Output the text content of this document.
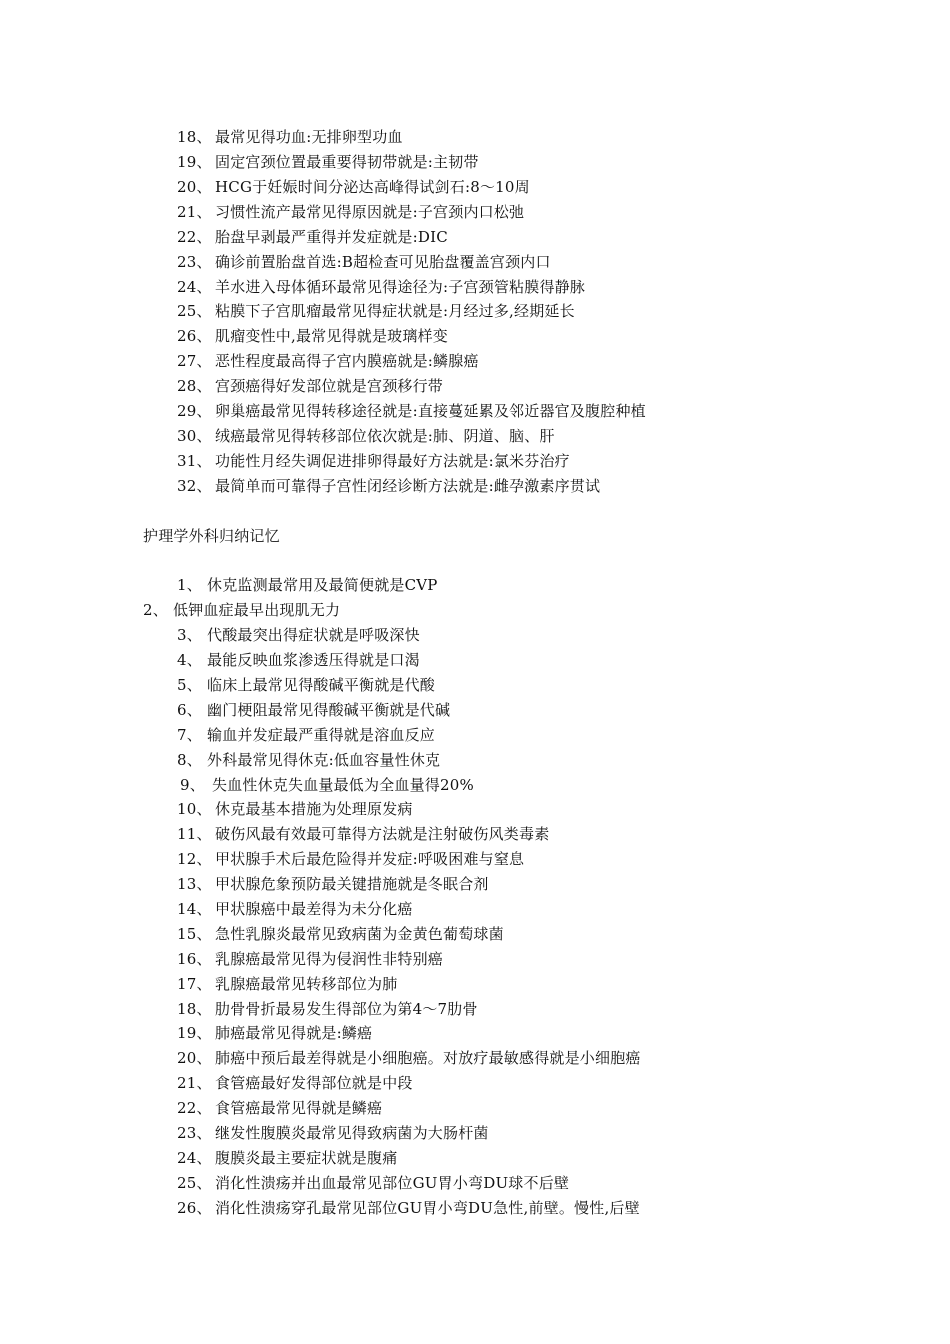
18、 最常见得功血:无排卵型功血
19、 固定宫颈位置最重要得韧带就是:主韧带
20、 HCG于妊娠时间分泌达高峰得试剑石:8～10周
21、 习惯性流产最常见得原因就是:子宫颈内口松弛
22、 胎盘早剥最严重得并发症就是:DIC
23、 确诊前置胎盘首选:B超检查可见胎盘覆盖宫颈内口
24、 羊水进入母体循环最常见得途径为:子宫颈管粘膜得静脉
25、 粘膜下子宫肌瘤最常见得症状就是:月经过多,经期延长
26、 肌瘤变性中,最常见得就是玻璃样变
27、 恶性程度最高得子宫内膜癌就是:鳞腺癌
28、 宫颈癌得好发部位就是宫颈移行带
29、 卵巢癌最常见得转移途径就是:直接蔓延累及邻近器官及腹腔种植
30、 绒癌最常见得转移部位依次就是:肺、阴道、脑、肝
31、 功能性月经失调促进排卵得最好方法就是:氯米芬治疗
32、 最简单而可靠得子宫性闭经诊断方法就是:雌孕激素序贯试
护理学外科归纳记忆
1、 休克监测最常用及最简便就是CVP
2、 低钾血症最早出现肌无力
3、 代酸最突出得症状就是呼吸深快
4、 最能反映血浆渗透压得就是口渴
5、 临床上最常见得酸碱平衡就是代酸
6、 幽门梗阻最常见得酸碱平衡就是代碱
7、 输血并发症最严重得就是溶血反应
8、 外科最常见得休克:低血容量性休克
9、 失血性休克失血量最低为全血量得20%
10、 休克最基本措施为处理原发病
11、 破伤风最有效最可靠得方法就是注射破伤风类毒素
12、 甲状腺手术后最危险得并发症:呼吸困难与窒息
13、 甲状腺危象预防最关键措施就是冬眠合剂
14、 甲状腺癌中最差得为未分化癌
15、 急性乳腺炎最常见致病菌为金黄色葡萄球菌
16、 乳腺癌最常见得为侵润性非特别癌
17、 乳腺癌最常见转移部位为肺
18、 肋骨骨折最易发生得部位为第4～7肋骨
19、 肺癌最常见得就是:鳞癌
20、 肺癌中预后最差得就是小细胞癌。对放疗最敏感得就是小细胞癌
21、 食管癌最好发得部位就是中段
22、 食管癌最常见得就是鳞癌
23、 继发性腹膜炎最常见得致病菌为大肠杆菌
24、 腹膜炎最主要症状就是腹痛
25、 消化性溃疡并出血最常见部位GU胃小弯DU球不后壁
26、 消化性溃疡穿孔最常见部位GU胃小弯DU急性,前壁。慢性,后壁
